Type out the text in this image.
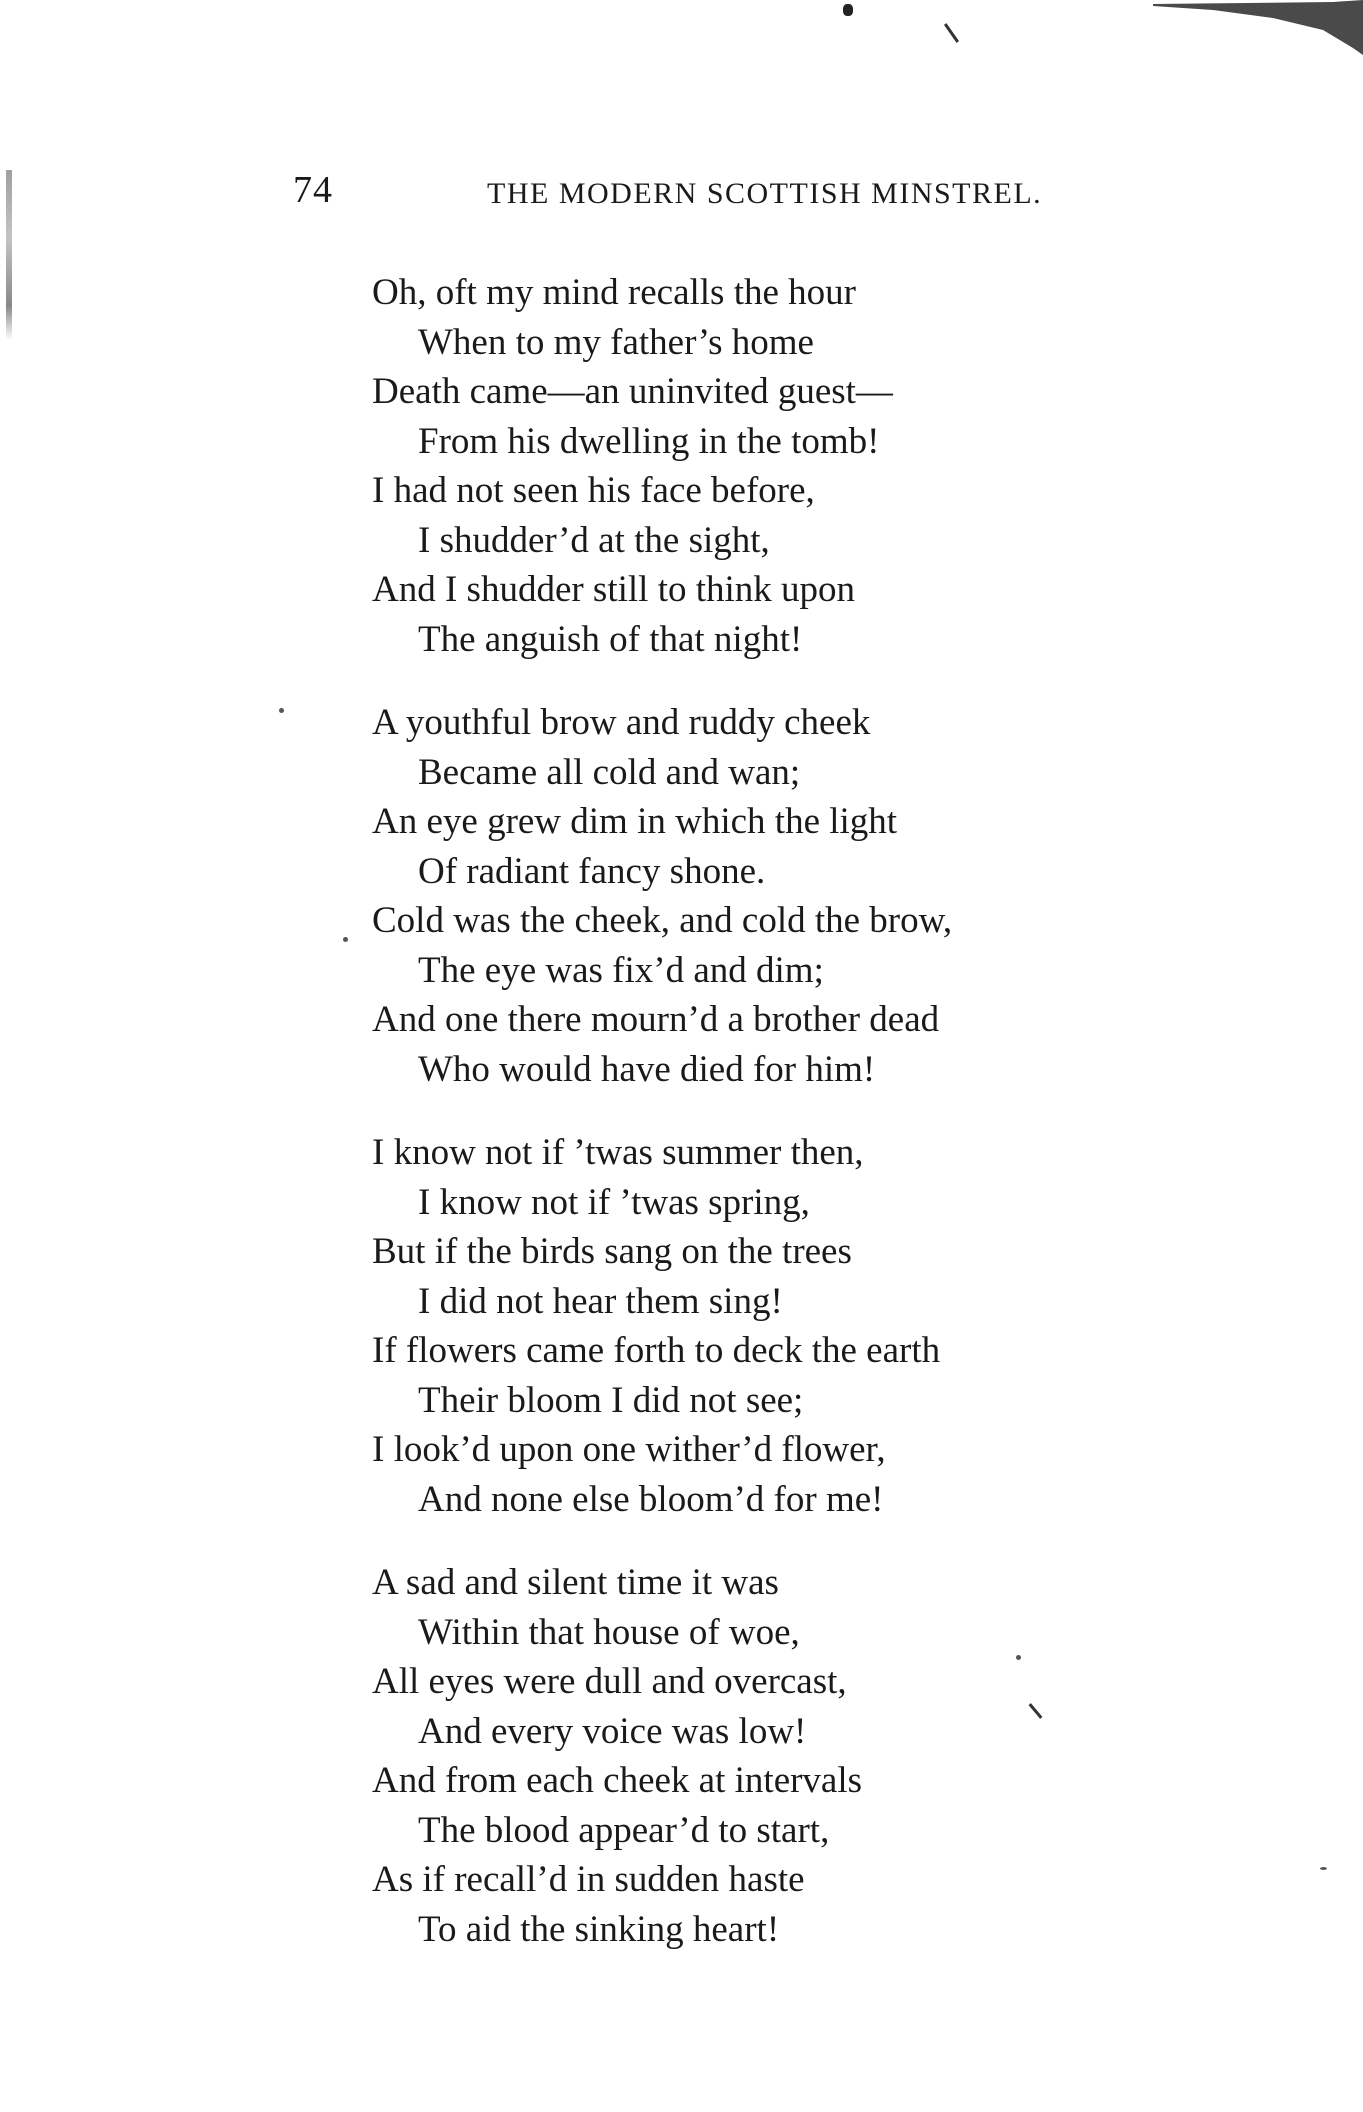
74	THE MODERN SCOTTISH MINSTREL.
Oh, oft my mind recalls the hour
When to my father’s home
Death came—an uninvited guest—
From his dwelling in the tomb!
I had not seen his face before,
I shudder’d at the sight,
And I shudder still to think upon
The anguish of that night!
A youthful brow and ruddy cheek
Became all cold and wan;
An eye grew dim in which the light
Of radiant fancy shone.
Cold was the cheek, and cold the brow,
The eye was fix’d and dim;
And one there mourn’d a brother dead
Who would have died for him!
I know not if ’twas summer then,
I know not if ’twas spring,
But if the birds sang on the trees
I did not hear them sing!
If flowers came forth to deck the earth
Their bloom I did not see;
I look’d upon one wither’d flower,
And none else bloom’d for me!
A sad and silent time it was
Within that house of woe,
All eyes were dull and overcast,
And every voice was low!
And from each cheek at intervals
The blood appear’d to start,
As if recall’d in sudden haste
To aid the sinking heart!
